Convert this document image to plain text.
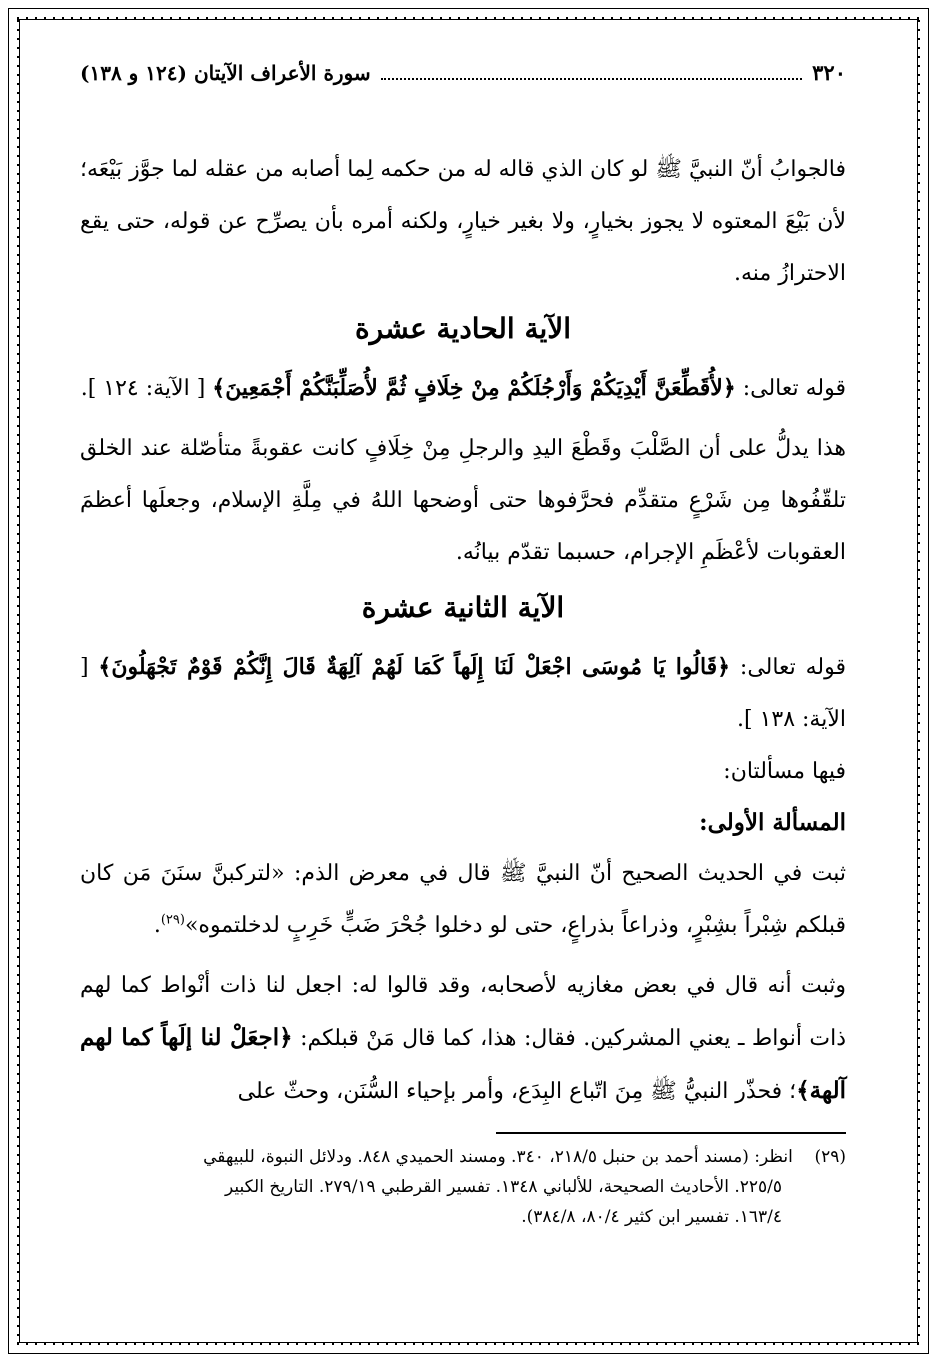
٣٢٠
سورة الأعراف الآيتان (١٢٤ و ١٣٨)

فالجوابُ أنّ النبيَّ ﷺ لو كان الذي قاله له من حكمه لِما أصابه من عقله لما جوَّز بَيْعَه؛ لأن بَيْعَ المعتوه لا يجوز بخيارٍ، ولا بغير خيارٍ، ولكنه أمره بأن يصرِّح عن قوله، حتى يقع الاحترازُ منه.

الآية الحادية عشرة

قوله تعالى: ﴿لأُقَطِّعَنَّ أَيْدِيَكُمْ وَأَرْجُلَكُمْ مِنْ خِلَافٍ ثُمَّ لأُصَلِّبَنَّكُمْ أَجْمَعِينَ﴾ [ الآية: ١٢٤ ].

هذا يدلُّ على أن الصَّلْبَ وقَطْعَ اليدِ والرجلِ مِنْ خِلَافٍ كانت عقوبةً متأصّلة عند الخلق تلقّفُوها مِن شَرْعٍ متقدِّم فحرَّفوها حتى أوضحها اللهُ في مِلَّةِ الإسلام، وجعلَها أعظمَ العقوبات لأعْظَمِ الإجرام، حسبما تقدّم بيانُه.

الآية الثانية عشرة

قوله تعالى: ﴿قَالُوا يَا مُوسَى اجْعَلْ لَنَا إِلَهاً كَمَا لَهُمْ آلِهَةٌ قَالَ إِنَّكُمْ قَوْمٌ تَجْهَلُونَ﴾ [ الآية: ١٣٨ ].

فيها مسألتان:

المسألة الأولى:

ثبت في الحديث الصحيح أنّ النبيَّ ﷺ قال في معرض الذم: «لتركبنَّ سنَنَ مَن كان قبلكم شِبْراً بشِبْرٍ، وذراعاً بذراعٍ، حتى لو دخلوا جُحْرَ ضَبٍّ خَرِبٍ لدخلتموه»$^{(٢٩)}$.

وثبت أنه قال في بعض مغازيه لأصحابه، وقد قالوا له: اجعل لنا ذات أنْواط كما لهم ذات أنواط ـ يعني المشركين. فقال: هذا، كما قال مَنْ قبلكم: ﴿اجعَلْ لنا إلَهاً كما لهم آلهة﴾؛ فحذّر النبيُّ ﷺ مِنَ اتّباع البِدَع، وأمر بإحياء السُّنَن، وحثّ على

(٢٩)    انظر: (مسند أحمد بن حنبل ٢١٨/٥، ٣٤٠. ومسند الحميدي ٨٤٨. ودلائل النبوة، للبيهقي
٢٢٥/٥. الأحاديث الصحيحة، للألباني ١٣٤٨. تفسير القرطبي ٢٧٩/١٩. التاريخ الكبير
١٦٣/٤. تفسير ابن كثير ٨٠/٤، ٣٨٤/٨).
